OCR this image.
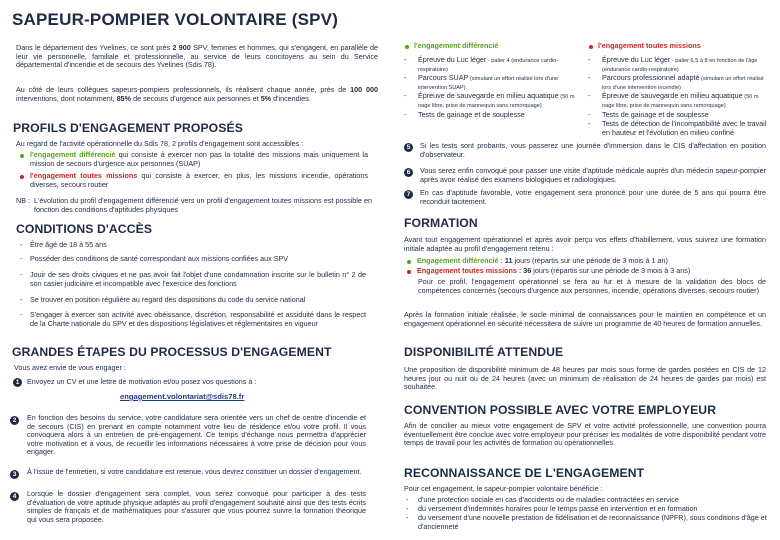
SAPEUR-POMPIER VOLONTAIRE (SPV)
Dans le département des Yvelines, ce sont près 2 900 SPV, femmes et hommes, qui s'engagent, en parallèle de leur vie personnelle, familiale et professionnelle, au service de leurs concitoyens au sein du Service départemental d'incendie et de secours des Yvelines (Sdis 78).
Au côté de leurs collègues sapeurs-pompiers professionnels, ils réalisent chaque année, près de 100 000 interventions, dont notamment, 85% de secours d'urgence aux personnes et 5% d'incendies.
PROFILS D'ENGAGEMENT PROPOSÉS
Au regard de l'activité opérationnelle du Sdis 78, 2 profils d'engagement sont accessibles :
l'engagement différencié qui consiste à exercer non pas la totalité des missions mais uniquement la mission de secours d'urgence aux personnes (SUAP)
l'engagement toutes missions qui consiste à exercer, en plus, les missions incendie, opérations diverses, secours routier
NB : L'évolution du profil d'engagement différencié vers un profil d'engagement toutes missions est possible en fonction des conditions d'aptitudes physiques
CONDITIONS D'ACCÈS
- Être âgé de 18 à 55 ans
- Posséder des conditions de santé correspondant aux missions confiées aux SPV
- Jouir de ses droits civiques et ne pas avoir fait l'objet d'une condamnation inscrite sur le bulletin n° 2 de son casier judiciaire et incompatible avec l'exercice des fonctions
- Se trouver en position régulière au regard des dispositions du code du service national
- S'engager à exercer son activité avec obéissance, discrétion, responsabilité et assiduité dans le respect de la Charte nationale du SPV et des dispositions législatives et réglementaires en vigueur
GRANDES ÉTAPES DU PROCESSUS D'ENGAGEMENT
Vous avez envie de vous engager :
1	Envoyez un CV et une lettre de motivation et/ou posez vos questions à :
engagement.volontariat@sdis78.fr
2	En fonction des besoins du service, votre candidature sera orientée vers un chef de centre d'incendie et de secours (CIS) en prenant en compte notamment votre lieu de résidence et/ou votre profil. Il vous convoquera alors à un entretien de pré-engagement. Ce temps d'échange nous permettra d'apprécier votre motivation et à vous, de recueillir les informations nécessaires à votre prise de décision pour vous engager.
3	À l'issue de l'entretien, si votre candidature est retenue, vous devrez constituer un dossier d'engagement.
4	Lorsque le dossier d'engagement sera complet, vous serez convoqué pour participer à des tests d'évaluation de votre aptitude physique adaptés au profil d'engagement souhaité ainsi que des tests écrits simples de français et de mathématiques pour s'assurer que vous pourrez suivre la formation théorique qui vous sera proposée.
l'engagement différencié
- Épreuve du Luc léger - palier 4 (endurance cardio-respiratoire)
- Parcours SUAP (simulant un effort réalisé lors d'une intervention SUAP)
- Épreuve de sauvegarde en milieu aquatique (50 m nage libre, prise de mannequin sans remorquage)
- Tests de gainage et de souplesse
l'engagement toutes missions
- Épreuve du Luc léger - palier 6,5 à 8 en fonction de l'âge (endurance cardio-respiratoire)
- Parcours professionnel adapté (simulant un effort réalisé lors d'une intervention incendie)
- Épreuve de sauvegarde en milieu aquatique (50 m nage libre, prise de mannequin sans remorquage)
- Tests de gainage et de souplesse
- Tests de détection de l'incompatibilité avec le travail en hauteur et l'évolution en milieu confiné
5	Si les tests sont probants, vous passerez une journée d'immersion dans le CIS d'affectation en position d'observateur.
6	Vous serez enfin convoqué pour passer une visite d'aptitude médicale auprès d'un médecin sapeur-pompier après avoir réalisé des examens biologiques et radiologiques.
7	En cas d'aptitude favorable, votre engagement sera prononcé pour une durée de 5 ans qui pourra être reconduit tacitement.
FORMATION
Avant tout engagement opérationnel et après avoir perçu vos effets d'habillement, vous suivrez une formation initiale adaptée au profil d'engagement retenu :
Engagement différencié : 11 jours (répartis sur une période de 3 mois à 1 an)
Engagement toutes missions : 36 jours (répartis sur une période de 3 mois à 3 ans)
Pour ce profil, l'engagement opérationnel se fera au fur et à mesure de la validation des blocs de compétences concernés (secours d'urgence aux personnes, incendie, opérations diverses, secours routier)
Après la formation initiale réalisée, le socle minimal de connaissances pour le maintien en compétence et un engagement opérationnel en sécurité nécessitera de suivre un programme de 40 heures de formation annuelles.
DISPONIBILITÉ ATTENDUE
Une proposition de disponibilité minimum de 48 heures par mois sous forme de gardes postées en CIS de 12 heures jour ou nuit ou de 24 heures (avec un minimum de réalisation de 24 heures de gardes par mois) est souhaitée.
CONVENTION POSSIBLE AVEC VOTRE EMPLOYEUR
Afin de concilier au mieux votre engagement de SPV et votre activité professionnelle, une convention pourra éventuellement être conclue avec votre employeur pour préciser les modalités de votre disponibilité pendant votre temps de travail pour les activités de formation ou opérationnelles.
RECONNAISSANCE DE L'ENGAGEMENT
Pour cet engagement, le sapeur-pompier volontaire bénéficie :
- d'une protection sociale en cas d'accidents ou de maladies contractées en service
- du versement d'indemnités horaires pour le temps passé en intervention et en formation
- du versement d'une nouvelle prestation de fidélisation et de reconnaissance (NPFR), sous conditions d'âge et d'ancienneté
